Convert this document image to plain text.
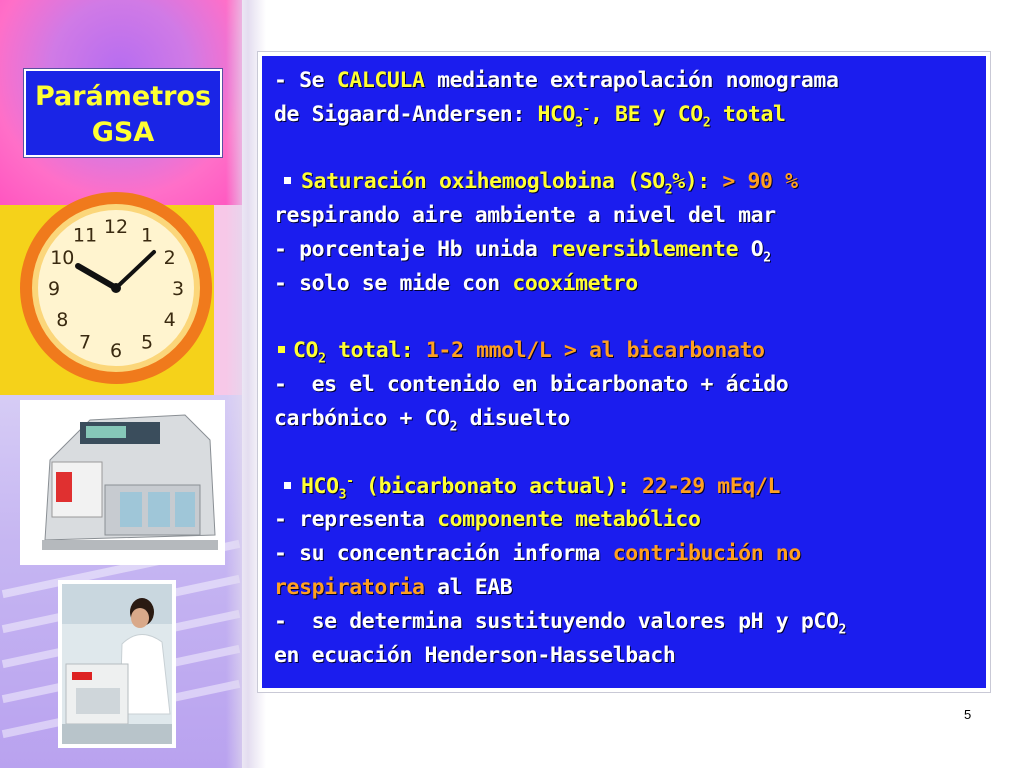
12 1
2
3
4
5
6
7
8
9
10
11
Parámetros
GSA
- Se CALCULA mediante extrapolación nomograma
de Sigaard-Andersen: $HCO_3^-$, BE y $CO_2$ total
Saturación oxihemoglobina $(SO_2\%)$: > 90 %
respirando aire ambiente a nivel del mar
- porcentaje Hb unida reversiblemente $O_2$
- solo se mide con cooxímetro
$CO_2$ total: 1-2 mmol/L > al bicarbonato
-  es el contenido en bicarbonato + ácido
carbónico + $CO_2$ disuelto
$HCO_3^-$ (bicarbonato actual): 22-29 mEq/L
- representa componente metabólico
- su concentración informa contribución no
respiratoria al EAB
-  se determina sustituyendo valores pH y pCO$_2$
en ecuación Henderson-Hasselbach
5
